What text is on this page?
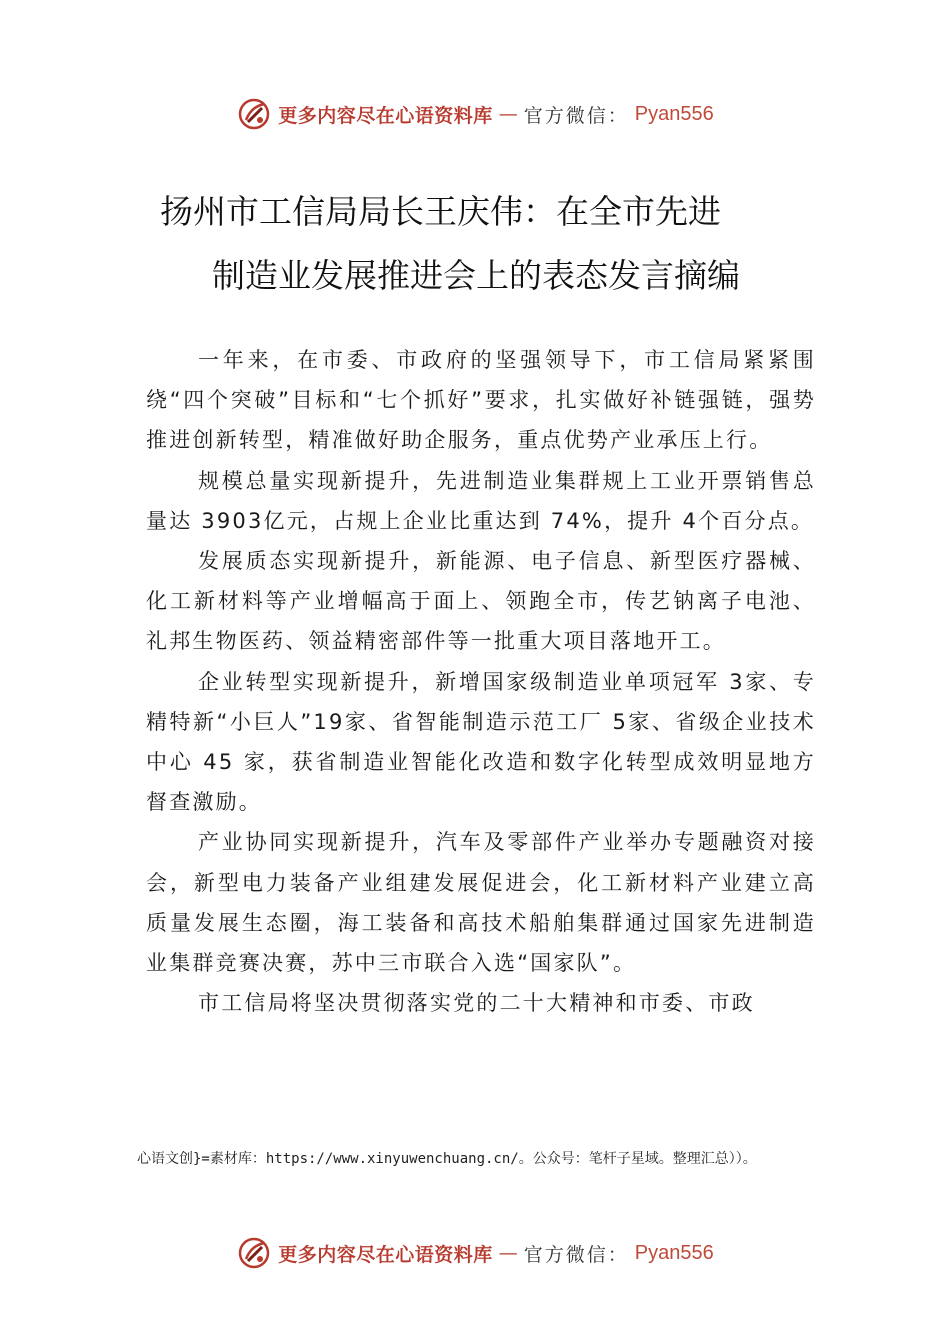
更多内容尽在心语资料库 — 官方微信： Pyan556
扬州市工信局局长王庆伟：在全市先进
制造业发展推进会上的表态发言摘编

一年来，在市委、市政府的坚强领导下，市工信局紧紧围绕“四个突破”目标和“七个抓好”要求，扎实做好补链强链，强势推进创新转型，精准做好助企服务，重点优势产业承压上行。

规模总量实现新提升，先进制造业集群规上工业开票销售总量达 3903亿元，占规上企业比重达到 74%，提升 4个百分点。

发展质态实现新提升，新能源、电子信息、新型医疗器械、化工新材料等产业增幅高于面上、领跑全市，传艺钠离子电池、礼邦生物医药、领益精密部件等一批重大项目落地开工。

企业转型实现新提升，新增国家级制造业单项冠军 3家、专精特新“小巨人”19家、省智能制造示范工厂 5家、省级企业技术中心 45 家，获省制造业智能化改造和数字化转型成效明显地方督查激励。

产业协同实现新提升，汽车及零部件产业举办专题融资对接会，新型电力装备产业组建发展促进会，化工新材料产业建立高质量发展生态圈，海工装备和高技术船舶集群通过国家先进制造业集群竞赛决赛，苏中三市联合入选“国家队”。

市工信局将坚决贯彻落实党的二十大精神和市委、市政

心语文创}=素材库：https://www.xinyuwenchuang.cn/。公众号：笔杆子星域。整理汇总））。
更多内容尽在心语资料库 — 官方微信： Pyan556
